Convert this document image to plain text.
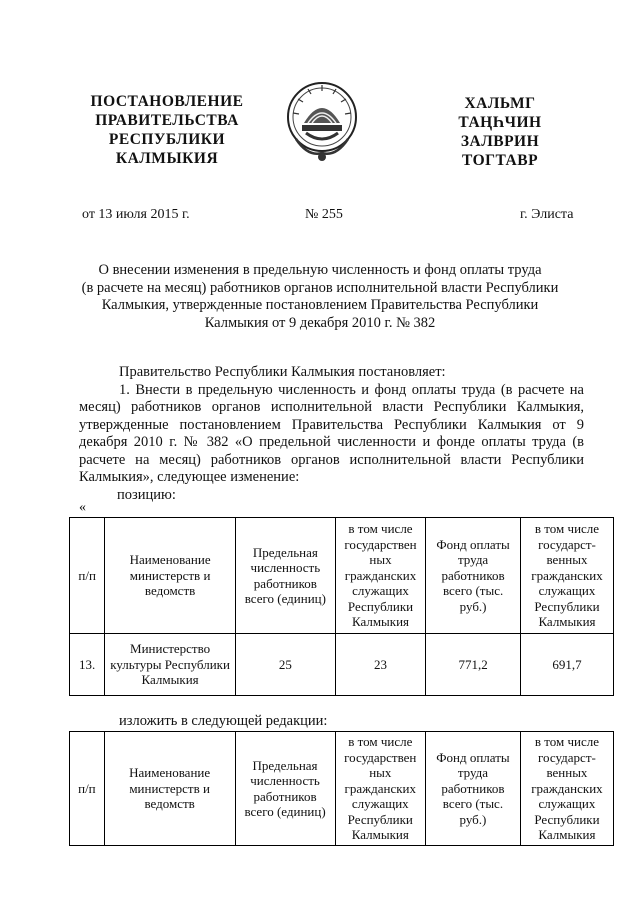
ПОСТАНОВЛЕНИЕ
ПРАВИТЕЛЬСТВА
РЕСПУБЛИКИ
КАЛМЫКИЯ
ХАЛЬМГ
ТАҢҺЧИН
ЗАЛВРИН
ТОГТАВР
от 13 июля 2015 г.	№ 255	г. Элиста
О внесении изменения в предельную численность и фонд оплаты труда
(в расчете на месяц) работников органов исполнительной власти Республики
Калмыкия, утвержденные постановлением Правительства Республики
Калмыкия от 9 декабря 2010 г. № 382

Правительство Республики Калмыкия постановляет:

1. Внести в предельную численность и фонд оплаты труда (в расчете на месяц) работников органов исполнительной власти Республики Калмыкия, утвержденные постановлением Правительства Республики Калмыкия от 9 декабря 2010 г. № 382 «О предельной численности и фонде оплаты труда (в расчете на месяц) работников органов исполнительной власти Республики Калмыкия», следующее изменение:

позицию:

«
п/п	Наименование министерств и ведомств	Предельная численность работников всего (единиц)	в том числе государствен ных гражданских служащих Республики Калмыкия	Фонд оплаты труда работников всего (тыс. руб.)	в том числе государст-венных гражданских служащих Республики Калмыкия
13.	Министерство культуры Республики Калмыкия	25	23	771,2	691,7
изложить в следующей редакции:
п/п	Наименование министерств и ведомств	Предельная численность работников всего (единиц)	в том числе государствен ных гражданских служащих Республики Калмыкия	Фонд оплаты труда работников всего (тыс. руб.)	в том числе государст-венных гражданских служащих Республики Калмыкия
